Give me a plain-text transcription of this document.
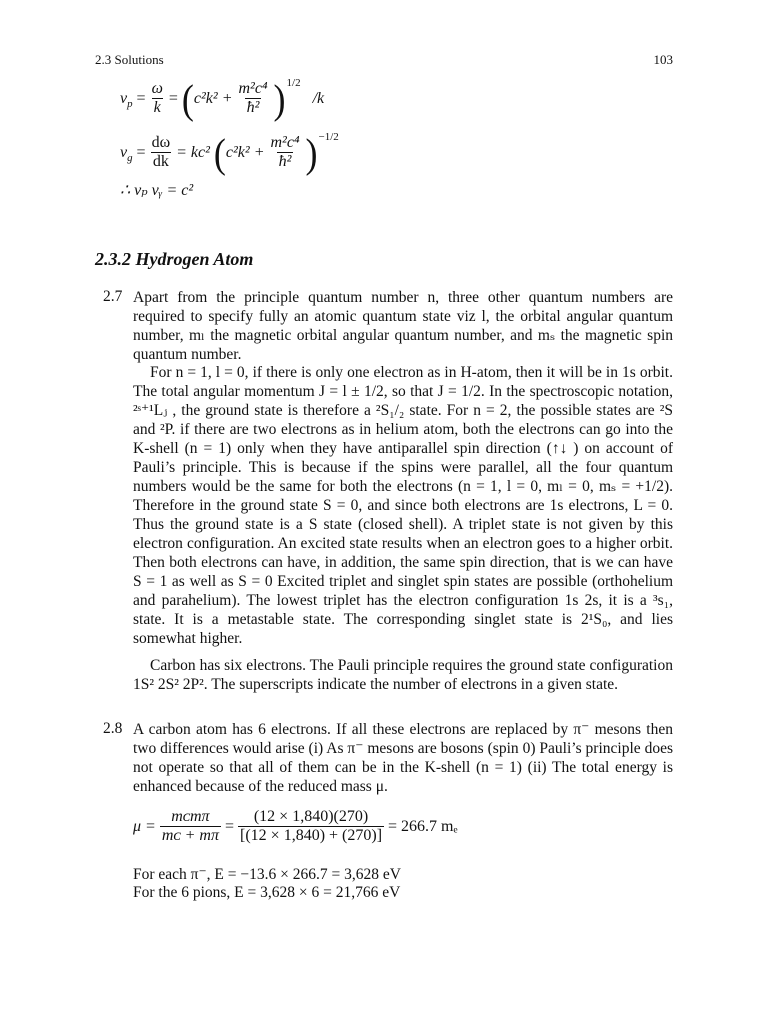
2.3 Solutions	103
$v_p = \frac{\omega}{k}$ = ( $c^2k^2 + \frac{\text{m²c⁴}}{\text{ħ²}}$ ) 1/2

/k
$v_g = \frac{d\omega}{dk} = kc^2$
( $c^2k^2 + \frac{\text{m²c⁴}}{\text{ħ²}}$ ) −1/2
∴ vₚ vᵧ = c²
2.3.2 Hydrogen Atom
2.7 Apart from the principle quantum number n, three other quantum numbers are required to specify fully an atomic quantum state viz l, the orbital angular quantum number, mₗ the magnetic orbital angular quantum number, and mₛ the magnetic spin quantum number.
For n = 1, l = 0, if there is only one electron as in H-atom, then it will be in 1s orbit. The total angular momentum J = l ± 1/2, so that J = 1/2. In the spectroscopic notation, ²ˢ⁺¹Lⱼ , the ground state is therefore a ²S₁/₂ state. For n = 2, the possible states are ²S and ²P. if there are two electrons as in helium atom, both the electrons can go into the K-shell (n = 1) only when they have antiparallel spin direction (↑↓ ) on account of Pauli’s principle. This is because if the spins were parallel, all the four quantum numbers would be the same for both the electrons (n = 1, l = 0, mₗ = 0, mₛ = +1/2). Therefore in the ground state S = 0, and since both electrons are 1s electrons, L = 0. Thus the ground state is a S state (closed shell). A triplet state is not given by this electron configuration. An excited state results when an electron goes to a higher orbit. Then both electrons can have, in addition, the same spin direction, that is we can have S = 1 as well as S = 0 Excited triplet and singlet spin states are possible (orthohelium and parahelium). The lowest triplet has the electron configuration 1s 2s, it is a ³s₁, state. It is a metastable state. The corresponding singlet state is 2¹S₀, and lies somewhat higher.
Carbon has six electrons. The Pauli principle requires the ground state configuration 1S² 2S² 2P². The superscripts indicate the number of electrons in a given state.
2.8 A carbon atom has 6 electrons. If all these electrons are replaced by π⁻ mesons then two differences would arise (i) As π⁻ mesons are bosons (spin 0) Pauli’s principle does not operate so that all of them can be in the K-shell (n = 1) (ii) The total energy is enhanced because of the reduced mass μ.
$\mu = \frac{\text{mᴄmπ}}{\text{mᴄ + mπ}} = \frac{(12 \times 1,840)(270)}{[(12 \times 1,840) + (270)]} = 266.7$ mₑ
For each π⁻, E = −13.6 × 266.7 = 3,628 eV
For the 6 pions, E = 3,628 × 6 = 21,766 eV
